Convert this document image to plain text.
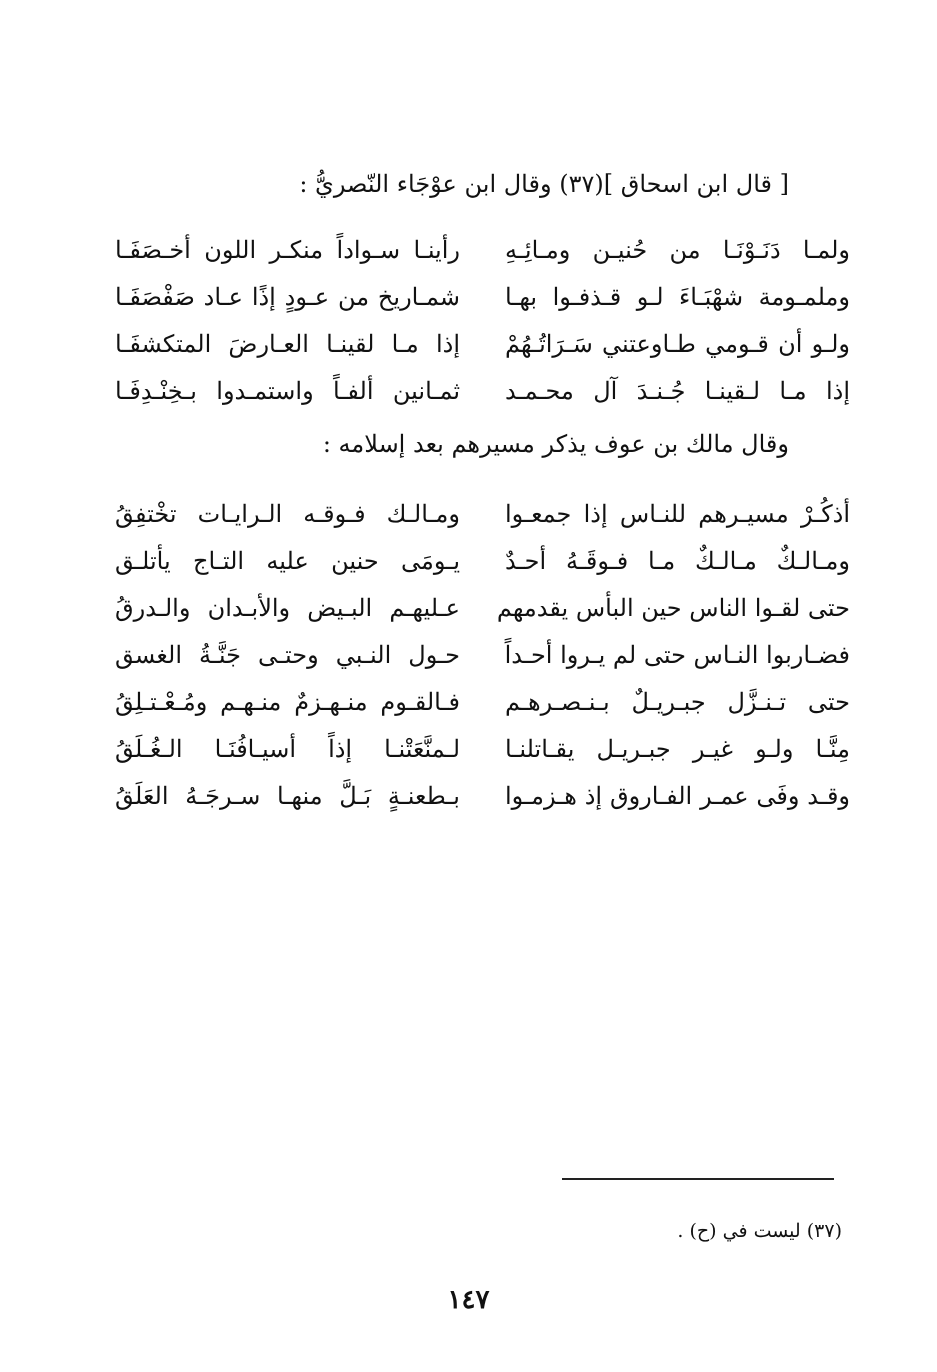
[ قال ابن اسحاق ](٣٧) وقال ابن عوْجَاء النّصريُّ :
ولمـا دَنَـوْنَـا من حُنيـن ومـائِـهِ
رأينـا سـواداً منكـر اللون أخـصَفَـا
وملمـومة شهْبَـاءَ لـو قـذفـوا بهـا
شمـاريخ من عـودٍ إذًا عـاد صَفْصَفَـا
ولـو أن قـومي طـاوعتني سَـرَاتُـهُمْ
إذا مـا لقينـا العـارضَ المتكشفَـا
إذا مـا لـقينـا جُـنـدَ آل محـمـد
ثمـانين ألفـاً واستمـدوا بـخِنْـدِفَـا
وقال مالك بن عوف يذكر مسيرهم بعد إسلامه :
أذكُـرْ مسيـرهم للنـاس إذا جمعـوا
ومـالـك فـوقـه الـرايـات تخْتفِقُ
ومـالـكٌ مـالـكٌ مـا فـوقَـهُ أحـدٌ
يـومَى حنين عليه التـاج يأتلـق
حتى لقـوا الناس حين البأس يقدمهم
عـليهـم البـيض والأبـدان والـدرقُ
فضـاربوا النـاس حتى لم يـروا أحـداً
حـول النـبي وحتـى جَنَّـةُ الغسق
حتى تـنـزَّل جبـريـلٌ بـنـصـرهـم
فـالقـوم منـهـزمٌ منـهـم ومُـعْـتـلِقُ
مِنَّـا ولـو غيـر جبـريـل يقـاتلنـا
لـمنَّعَتْنـا إذاً أسيـافُنَـا الـغُـلَقُ
وقـد وفَى عمـر الفـاروق إذ هـزمـوا
بـطعنـةٍ بَـلَّ منهـا سـرجَـهُ العَلَقُ
(٣٧) ليست في (ح) .
١٤٧
